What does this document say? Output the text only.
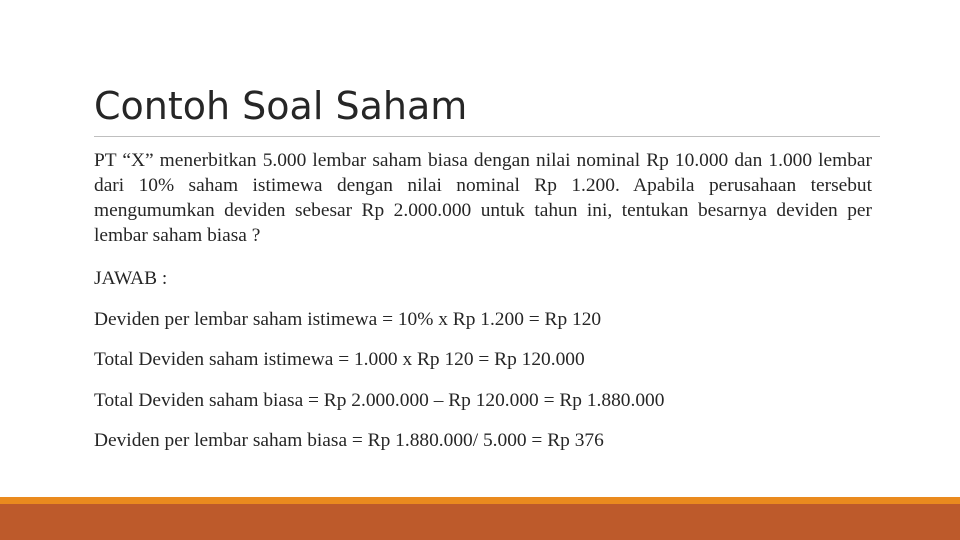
Contoh Soal Saham

PT “X” menerbitkan 5.000 lembar saham biasa dengan nilai nominal Rp 10.000 dan 1.000 lembar dari 10% saham istimewa dengan nilai nominal Rp 1.200. Apabila perusahaan tersebut mengumumkan deviden sebesar Rp 2.000.000 untuk tahun ini, tentukan besarnya deviden per lembar saham biasa ?

JAWAB :

Deviden per lembar saham istimewa = 10% x Rp 1.200 = Rp 120

Total Deviden saham istimewa = 1.000 x Rp 120 = Rp 120.000

Total Deviden saham biasa = Rp 2.000.000 – Rp 120.000 = Rp 1.880.000

Deviden per lembar saham biasa = Rp 1.880.000/ 5.000 = Rp 376
